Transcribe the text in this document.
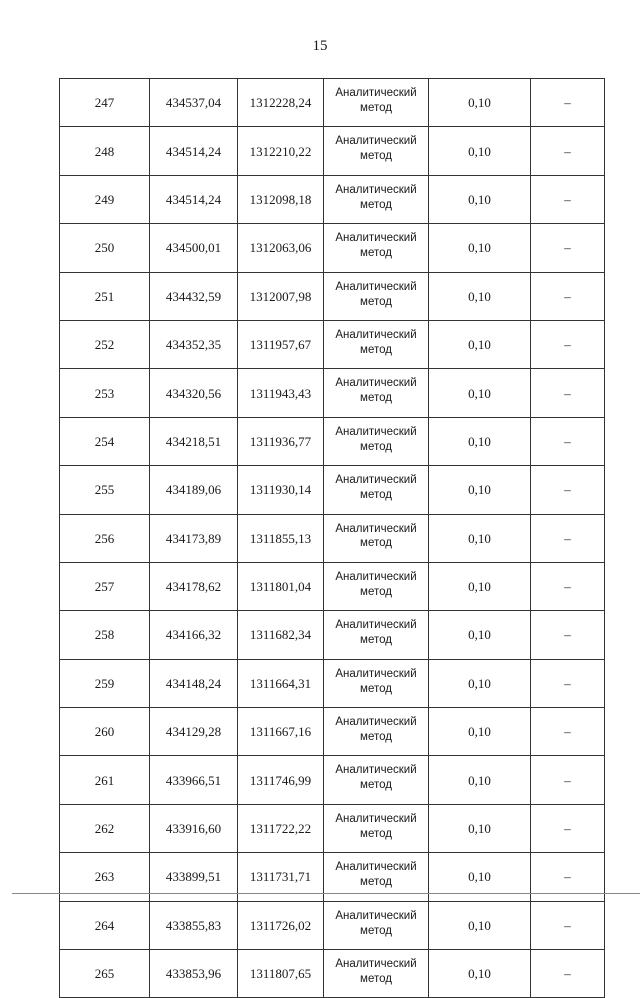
15
247	434537,04	1312228,24	Аналитический метод	0,10	–
248	434514,24	1312210,22	Аналитический метод	0,10	–
249	434514,24	1312098,18	Аналитический метод	0,10	–
250	434500,01	1312063,06	Аналитический метод	0,10	–
251	434432,59	1312007,98	Аналитический метод	0,10	–
252	434352,35	1311957,67	Аналитический метод	0,10	–
253	434320,56	1311943,43	Аналитический метод	0,10	–
254	434218,51	1311936,77	Аналитический метод	0,10	–
255	434189,06	1311930,14	Аналитический метод	0,10	–
256	434173,89	1311855,13	Аналитический метод	0,10	–
257	434178,62	1311801,04	Аналитический метод	0,10	–
258	434166,32	1311682,34	Аналитический метод	0,10	–
259	434148,24	1311664,31	Аналитический метод	0,10	–
260	434129,28	1311667,16	Аналитический метод	0,10	–
261	433966,51	1311746,99	Аналитический метод	0,10	–
262	433916,60	1311722,22	Аналитический метод	0,10	–
263	433899,51	1311731,71	Аналитический метод	0,10	–
264	433855,83	1311726,02	Аналитический метод	0,10	–
265	433853,96	1311807,65	Аналитический метод	0,10	–
